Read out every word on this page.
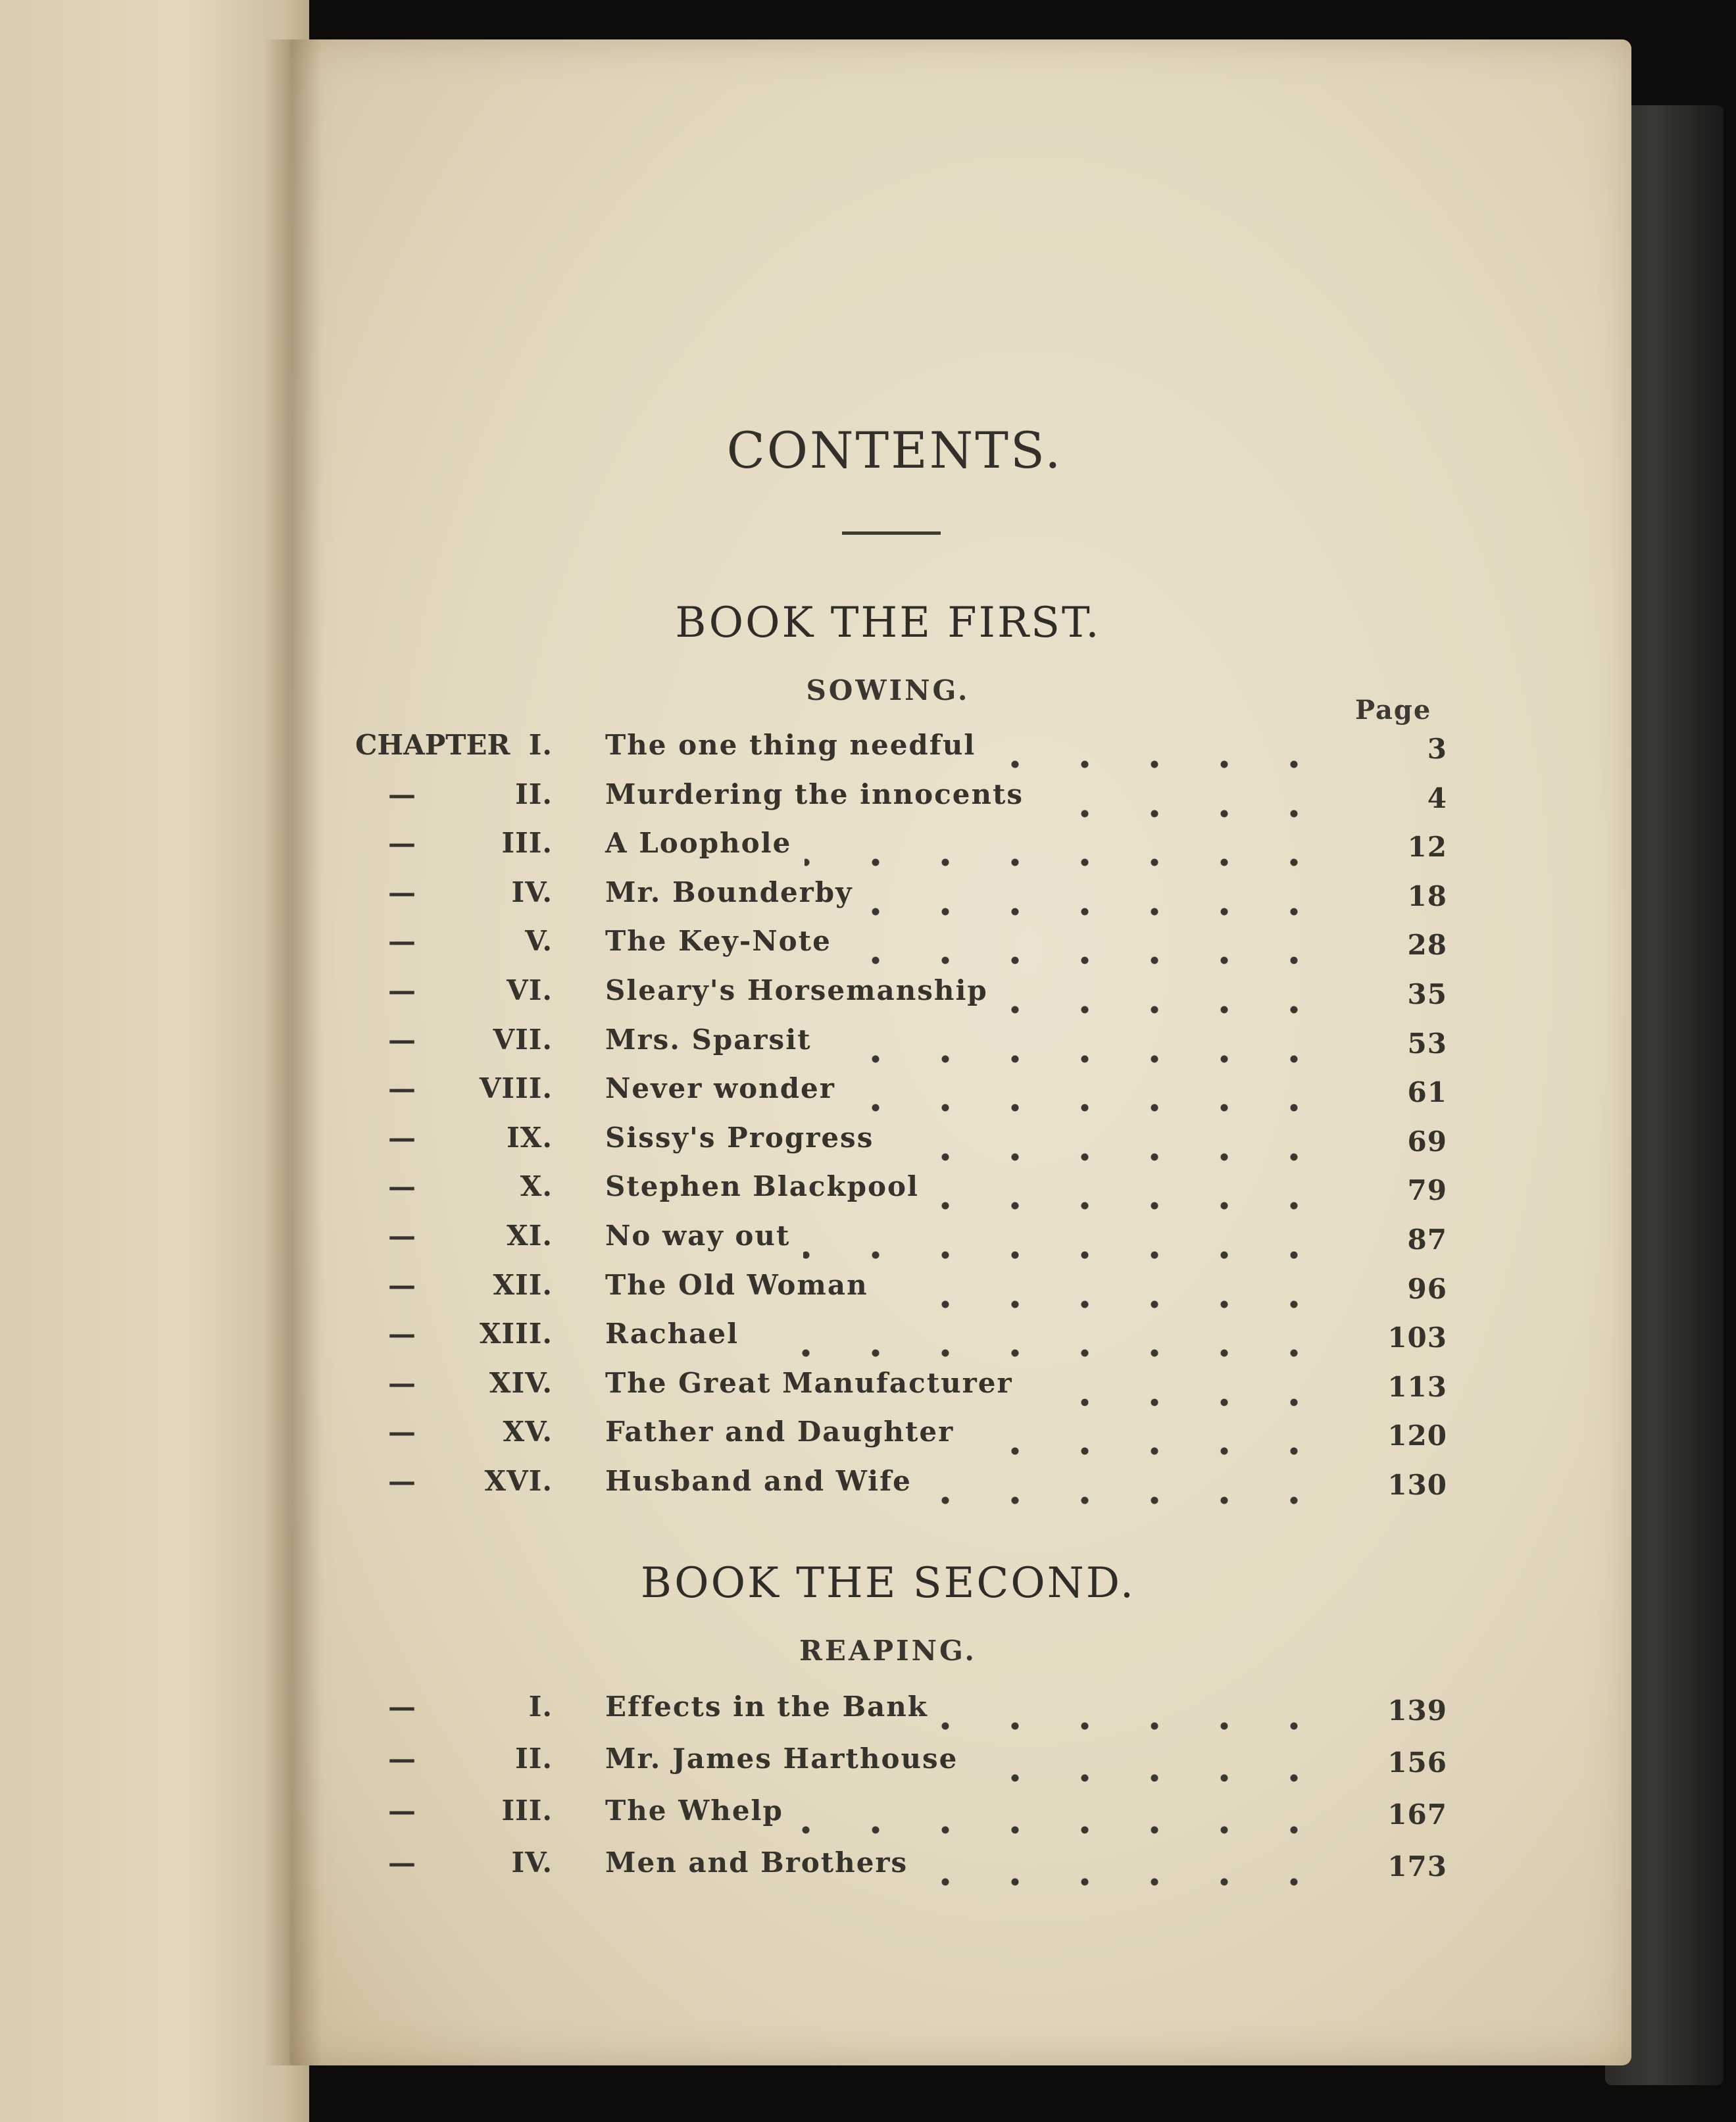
CONTENTS.
BOOK THE FIRST.
SOWING.
Page
CHAPTER I. The one thing needful	3
—	II. Murdering the innocents	4
—	III. A Loophole	12
—	IV. Mr. Bounderby	18
—	V. The Key-Note	28
—	VI. Sleary's Horsemanship	35
—	VII. Mrs. Sparsit	53
— VIII. Never wonder	61
—	IX. Sissy's Progress	69
—	X. Stephen Blackpool	79
—	XI. No way out	87
—	XII. The Old Woman	96
— XIII. Rachael	103
—	XIV. The Great Manufacturer	113
—	XV. Father and Daughter	120
— XVI. Husband and Wife	130
BOOK THE SECOND.
REAPING.
—	I. Effects in the Bank	139
—	II. Mr. James Harthouse	156
—	III. The Whelp	167
—	IV. Men and Brothers	173
